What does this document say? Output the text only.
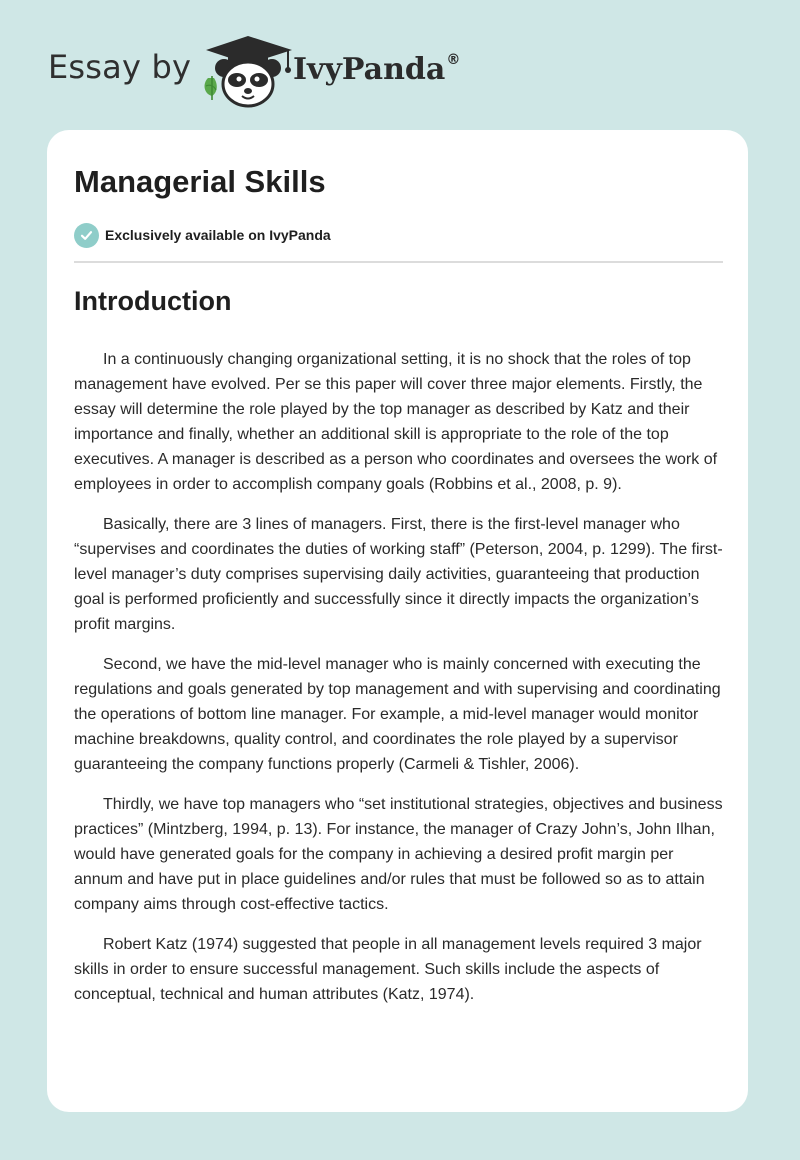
Essay by	IvyPanda®
Managerial Skills
Exclusively available on IvyPanda
Introduction

In a continuously changing organizational setting, it is no shock that the roles of top management have evolved. Per se this paper will cover three major elements. Firstly, the essay will determine the role played by the top manager as described by Katz and their importance and finally, whether an additional skill is appropriate to the role of the top executives. A manager is described as a person who coordinates and oversees the work of employees in order to accomplish company goals (Robbins et al., 2008, p. 9).

Basically, there are 3 lines of managers. First, there is the first-level manager who “supervises and coordinates the duties of working staff” (Peterson, 2004, p. 1299). The first-level manager’s duty comprises supervising daily activities, guaranteeing that production goal is performed proficiently and successfully since it directly impacts the organization’s profit margins.

Second, we have the mid-level manager who is mainly concerned with executing the regulations and goals generated by top management and with supervising and coordinating the operations of bottom line manager. For example, a mid-level manager would monitor machine breakdowns, quality control, and coordinates the role played by a supervisor guaranteeing the company functions properly (Carmeli & Tishler, 2006).

Thirdly, we have top managers who “set institutional strategies, objectives and business practices” (Mintzberg, 1994, p. 13). For instance, the manager of Crazy John’s, John Ilhan, would have generated goals for the company in achieving a desired profit margin per annum and have put in place guidelines and/or rules that must be followed so as to attain company aims through cost-effective tactics.

Robert Katz (1974) suggested that people in all management levels required 3 major skills in order to ensure successful management. Such skills include the aspects of conceptual, technical and human attributes (Katz, 1974).
